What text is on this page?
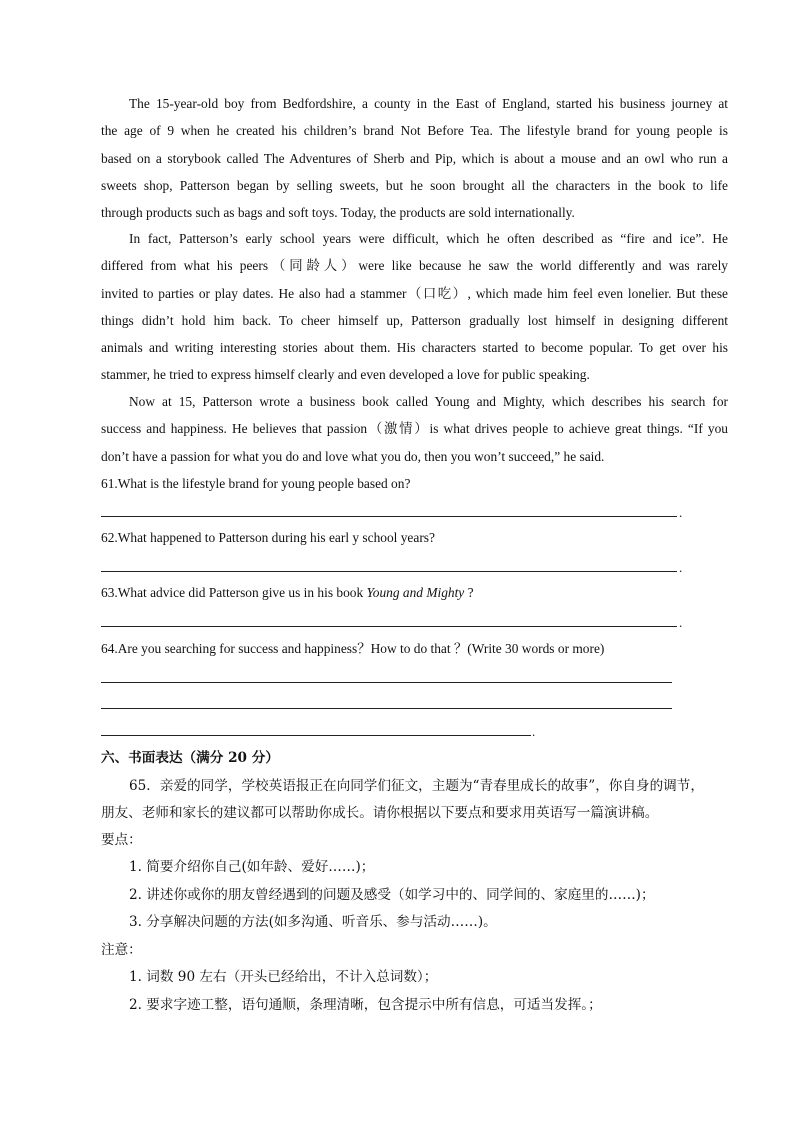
The 15-year-old boy from Bedfordshire, a county in the East of England, started his business journey at
the age of 9 when he created his children’s brand Not Before Tea. The lifestyle brand for young people is
based on a storybook called The Adventures of Sherb and Pip, which is about a mouse and an owl who run a
sweets shop, Patterson began by selling sweets, but he soon brought all the characters in the book to life
through products such as bags and soft toys. Today, the products are sold internationally.
In fact, Patterson’s early school years were difficult, which he often described as “fire and ice”. He
differed from what his peers（同龄人）were like because he saw the world differently and was rarely
invited to parties or play dates. He also had a stammer（口吃）, which made him feel even lonelier. But these
things didn’t hold him back. To cheer himself up, Patterson gradually lost himself in designing different
animals and writing interesting stories about them. His characters started to become popular. To get over his
stammer, he tried to express himself clearly and even developed a love for public speaking.
Now at 15, Patterson wrote a business book called Young and Mighty, which describes his search for
success and happiness. He believes that passion（激情）is what drives people to achieve great things. “If you
don’t have a passion for what you do and love what you do, then you won’t succeed,” he said.

61.What is the lifestyle brand for young people based on?

.

62.What happened to Patterson during his earl y school years?

.

63.What advice did Patterson give us in his book Young and Mighty ?

.

64.Are you searching for success and happiness？How to do that ？(Write 30 words or more)

.

六、书面表达（满分 20 分）

65．亲爱的同学，学校英语报正在向同学们征文，主题为“青春里成长的故事”，你自身的调节，

朋友、老师和家长的建议都可以帮助你成长。请你根据以下要点和要求用英语写一篇演讲稿。

要点：

1. 简要介绍你自己(如年龄、爱好……)；

2. 讲述你或你的朋友曾经遇到的问题及感受（如学习中的、同学间的、家庭里的……)；

3. 分享解决问题的方法(如多沟通、听音乐、参与活动……)。

注意：

1. 词数 90 左右（开头已经给出，不计入总词数）；

2. 要求字迹工整，语句通顺，条理清晰，包含提示中所有信息，可适当发挥。；
